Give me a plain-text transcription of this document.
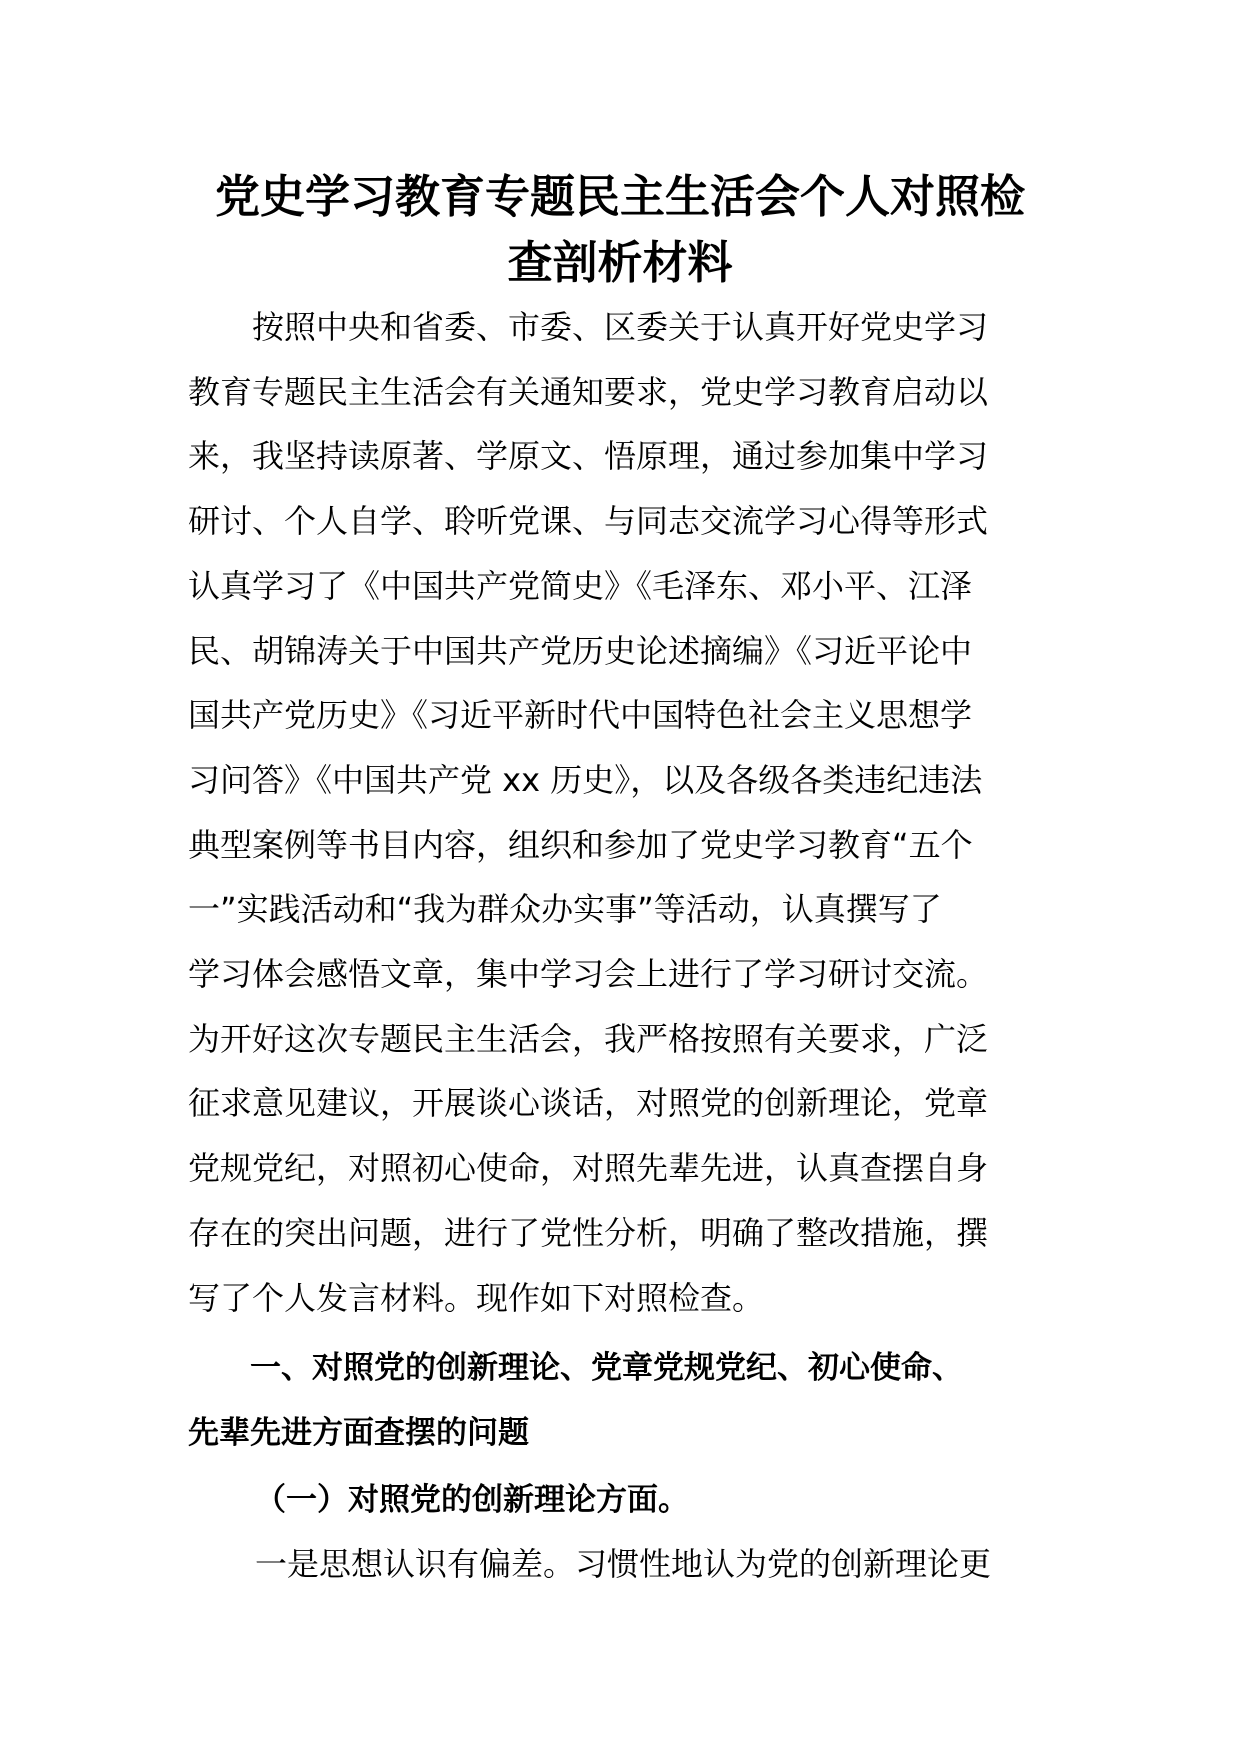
党史学习教育专题民主生活会个人对照检
查剖析材料

　　按照中央和省委、市委、区委关于认真开好党史学习
教育专题民主生活会有关通知要求，党史学习教育启动以
来，我坚持读原著、学原文、悟原理，通过参加集中学习
研讨、个人自学、聆听党课、与同志交流学习心得等形式
认真学习了《中国共产党简史》《毛泽东、邓小平、江泽
民、胡锦涛关于中国共产党历史论述摘编》《习近平论中
国共产党历史》《习近平新时代中国特色社会主义思想学
习问答》《中国共产党 xx 历史》，以及各级各类违纪违法
典型案例等书目内容，组织和参加了党史学习教育“五个
一”实践活动和“我为群众办实事”等活动，认真撰写了
学习体会感悟文章，集中学习会上进行了学习研讨交流。
为开好这次专题民主生活会，我严格按照有关要求，广泛
征求意见建议，开展谈心谈话，对照党的创新理论，党章
党规党纪，对照初心使命，对照先辈先进，认真查摆自身
存在的突出问题，进行了党性分析，明确了整改措施，撰
写了个人发言材料。现作如下对照检查。

　　一、对照党的创新理论、党章党规党纪、初心使命、
先辈先进方面查摆的问题
（一）对照党的创新理论方面。

一是思想认识有偏差。习惯性地认为党的创新理论更
